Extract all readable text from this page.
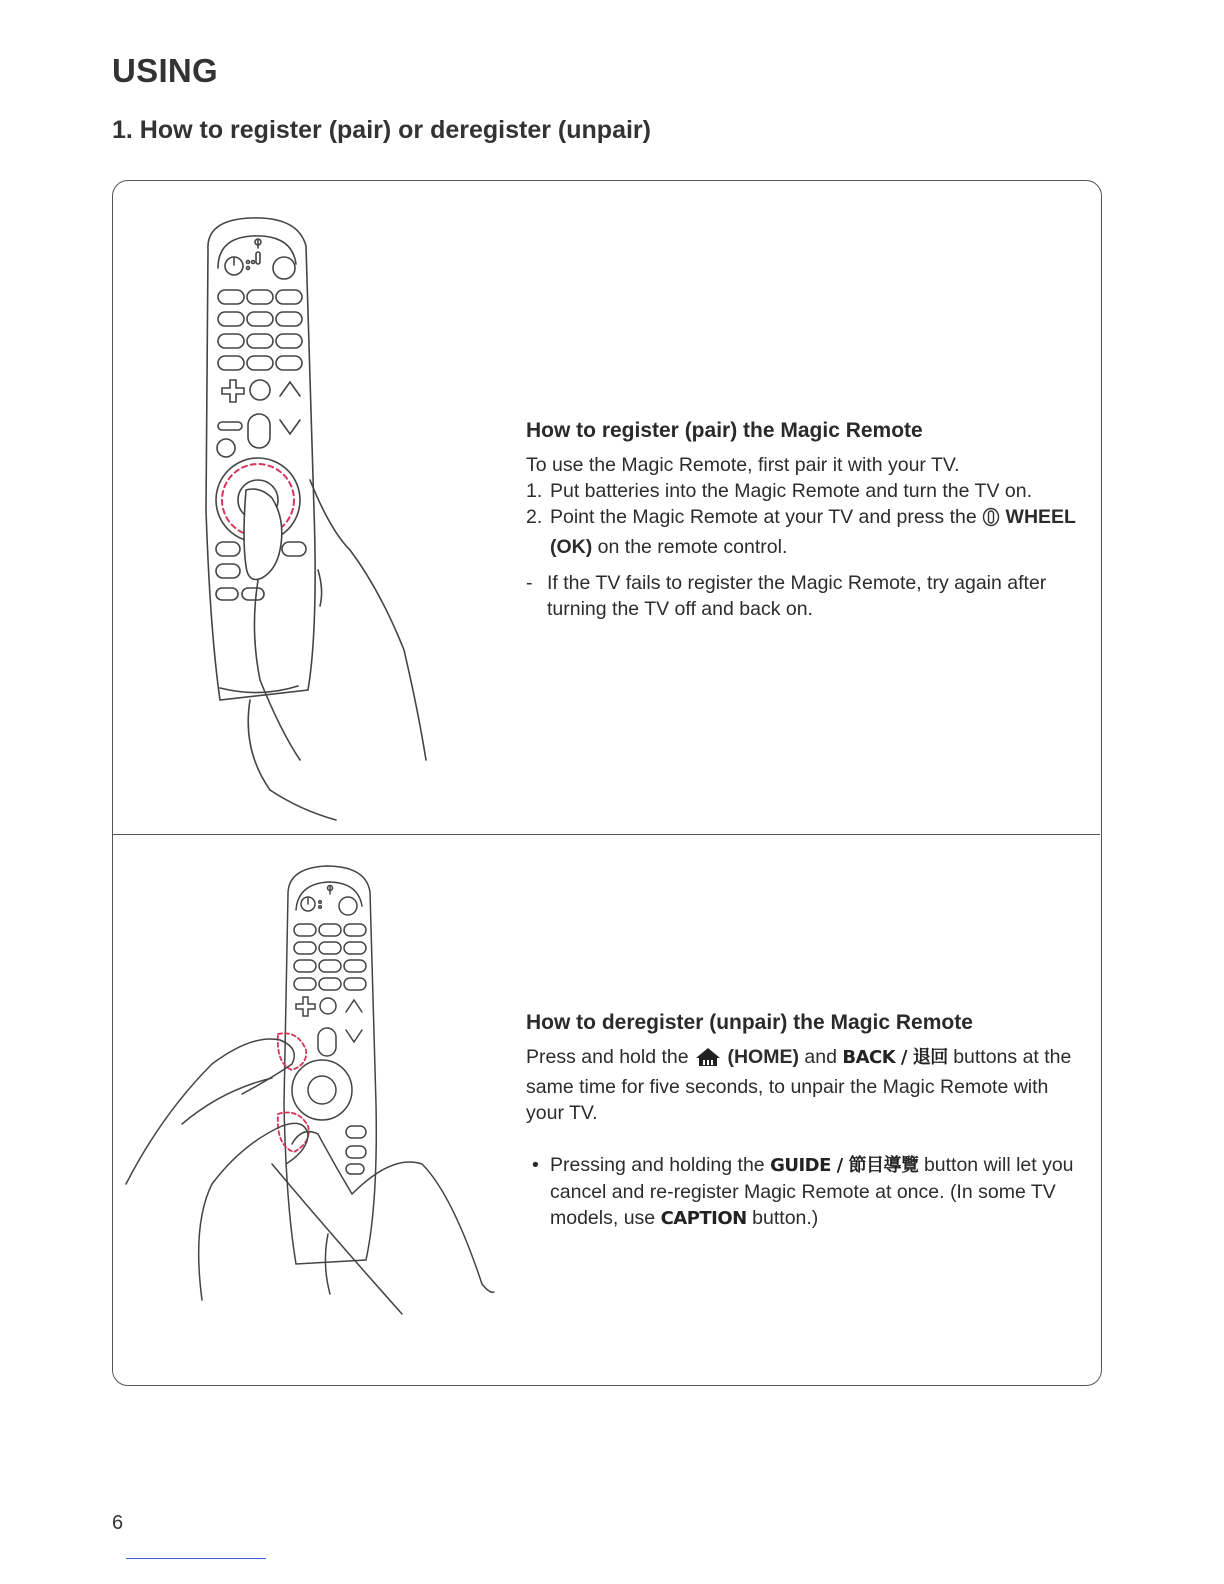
USING
1. How to register (pair) or deregister (unpair)

How to register (pair) the Magic Remote

To use the Magic Remote, first pair it with your TV.

1. Put batteries into the Magic Remote and turn the TV on.
2. Point the Magic Remote at your TV and press the WHEEL (OK) on the remote control.
- If the TV fails to register the Magic Remote, try again after turning the TV off and back on.

How to deregister (unpair) the Magic Remote

Press and hold the (HOME) and BACK / 退回 buttons at the same time for five seconds, to unpair the Magic Remote with your TV.

• Pressing and holding the GUIDE / 節目導覽 button will let you cancel and re-register Magic Remote at once. (In some TV models, use CAPTION button.)
6
